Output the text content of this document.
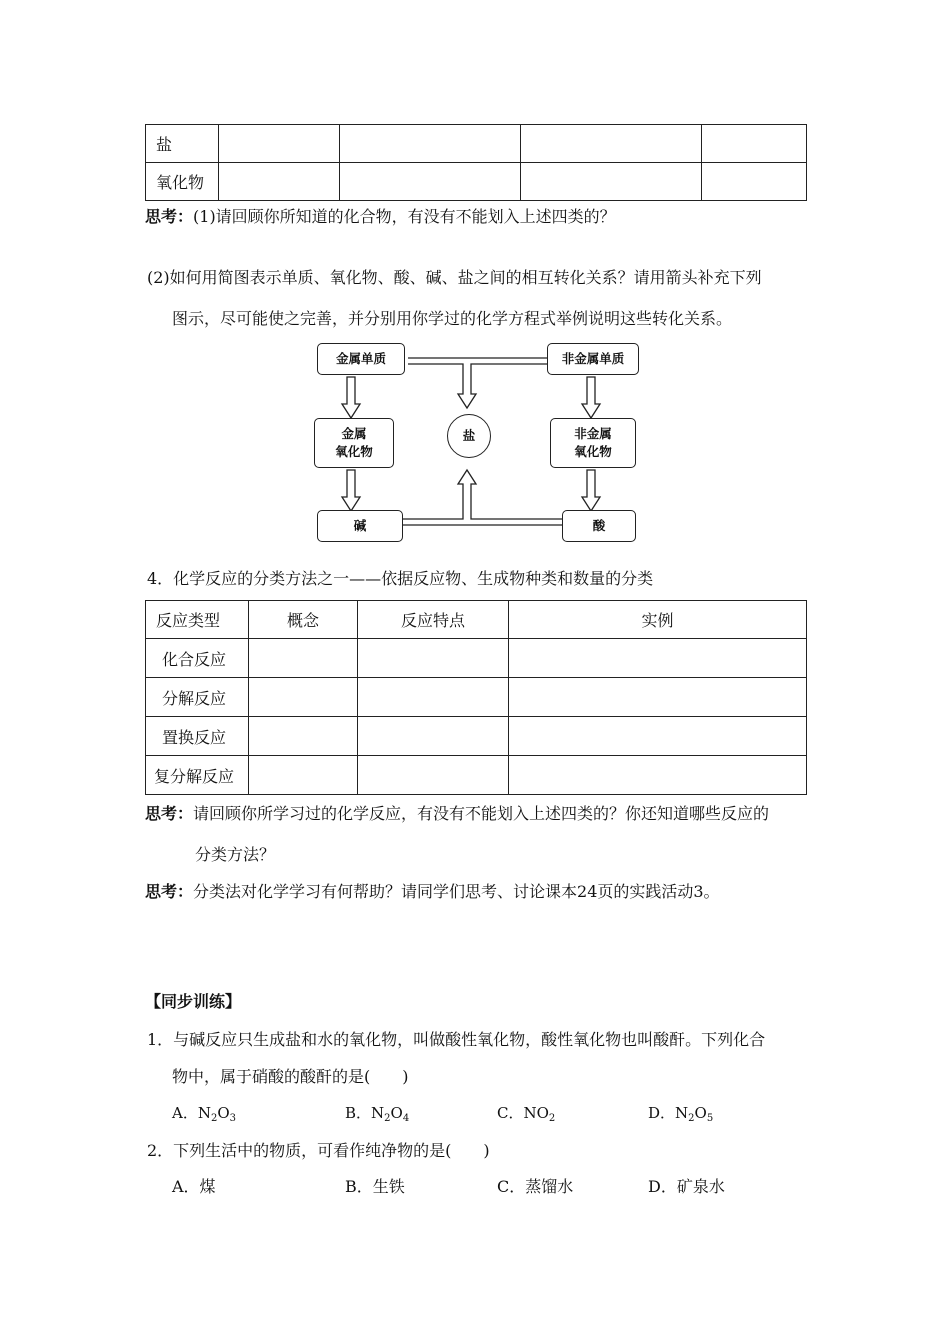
盐				
氧化物				
思考：(1)请回顾你所知道的化合物，有没有不能划入上述四类的？
(2)如何用简图表示单质、氧化物、酸、碱、盐之间的相互转化关系？请用箭头补充下列
图示，尽可能使之完善，并分别用你学过的化学方程式举例说明这些转化关系。
金属单质	非金属单质
金属
氧化物
非金属
氧化物
盐
碱	酸
4．化学反应的分类方法之一——依据反应物、生成物种类和数量的分类
反应类型	概念	反应特点	实例
化合反应			
分解反应			
置换反应			
复分解反应			
思考：请回顾你所学习过的化学反应，有没有不能划入上述四类的？你还知道哪些反应的
分类方法？
思考：分类法对化学学习有何帮助？请同学们思考、讨论课本24页的实践活动3。
【同步训练】
1．与碱反应只生成盐和水的氧化物，叫做酸性氧化物，酸性氧化物也叫酸酐。下列化合
物中，属于硝酸的酸酐的是(　　)
A．$N_2O_3$	B．$N_2O_4$	C．$NO_2$	D．$N_2O_5$
2．下列生活中的物质，可看作纯净物的是(　　)
A．煤	B．生铁	C．蒸馏水	D．矿泉水
